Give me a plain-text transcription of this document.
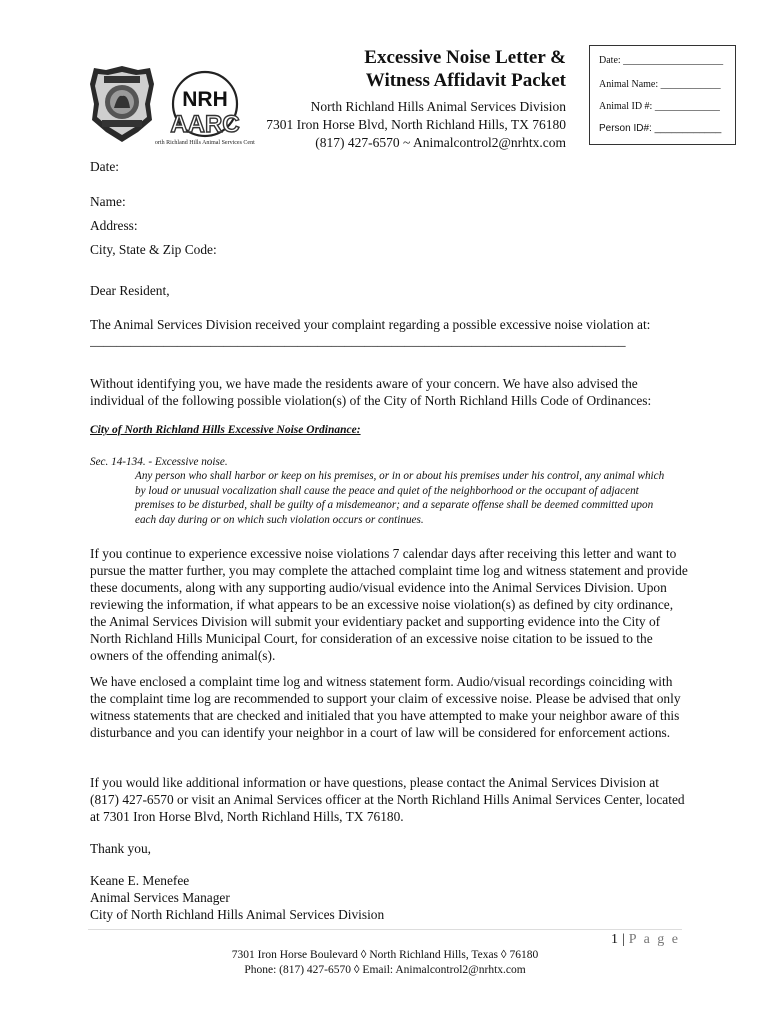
NRH
AARC
North Richland Hills Animal Services Center
Excessive Noise Letter &
Witness Affidavit Packet
North Richland Hills Animal Services Division
7301 Iron Horse Blvd, North Richland Hills, TX 76180
(817) 427-6570 ~ Animalcontrol2@nrhtx.com
Date: ____________________
Animal Name: ____________
Animal ID #: _____________
Person ID#: ____________
Date:
Name:
Address:
City, State & Zip Code:
Dear Resident,
The Animal Services Division received your complaint regarding a possible excessive noise violation at:
________________________________________________________________________________
Without identifying you, we have made the residents aware of your concern. We have also advised the individual of the following possible violation(s) of the City of North Richland Hills Code of Ordinances:
City of North Richland Hills Excessive Noise Ordinance:
Sec. 14-134. - Excessive noise.
Any person who shall harbor or keep on his premises, or in or about his premises under his control, any animal which by loud or unusual vocalization shall cause the peace and quiet of the neighborhood or the occupant of adjacent premises to be disturbed, shall be guilty of a misdemeanor; and a separate offense shall be deemed committed upon each day during or on which such violation occurs or continues.
If you continue to experience excessive noise violations 7 calendar days after receiving this letter and want to pursue the matter further, you may complete the attached complaint time log and witness statement and provide these documents, along with any supporting audio/visual evidence into the Animal Services Division. Upon reviewing the information, if what appears to be an excessive noise violation(s) as defined by city ordinance, the Animal Services Division will submit your evidentiary packet and supporting evidence into the City of North Richland Hills Municipal Court, for consideration of an excessive noise citation to be issued to the owners of the offending animal(s).
We have enclosed a complaint time log and witness statement form. Audio/visual recordings coinciding with the complaint time log are recommended to support your claim of excessive noise. Please be advised that only witness statements that are checked and initialed that you have attempted to make your neighbor aware of this disturbance and you can identify your neighbor in a court of law will be considered for enforcement actions.
If you would like additional information or have questions, please contact the Animal Services Division at (817) 427-6570 or visit an Animal Services officer at the North Richland Hills Animal Services Center, located at 7301 Iron Horse Blvd, North Richland Hills, TX 76180.
Thank you,
Keane E. Menefee
Animal Services Manager
City of North Richland Hills Animal Services Division
1 | P a g e
7301 Iron Horse Boulevard ◊ North Richland Hills, Texas ◊ 76180
Phone: (817) 427-6570 ◊ Email: Animalcontrol2@nrhtx.com
